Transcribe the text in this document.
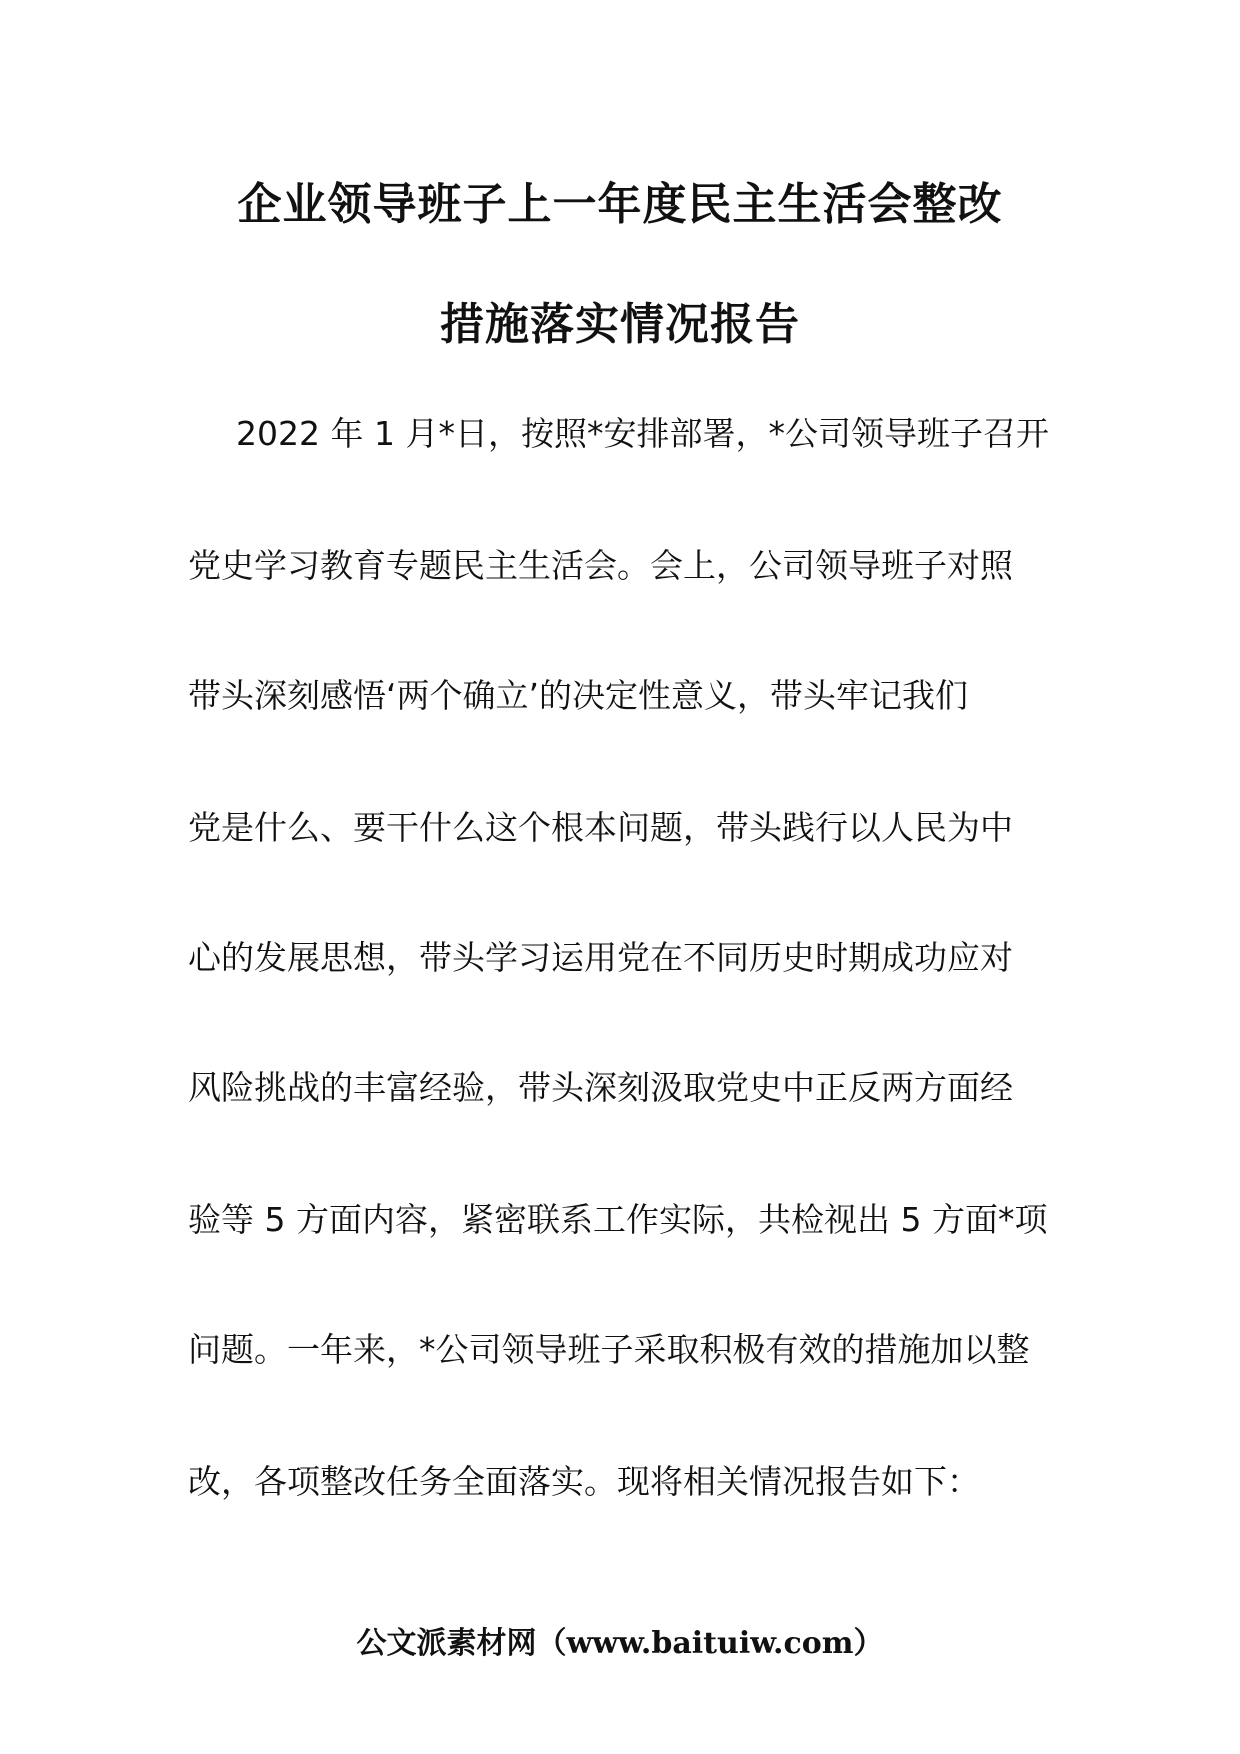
企业领导班子上一年度民主生活会整改
措施落实情况报告
2022 年 1 月*日，按照*安排部署，*公司领导班子召开
党史学习教育专题民主生活会。会上，公司领导班子对照
带头深刻感悟‘两个确立’的决定性意义，带头牢记我们
党是什么、要干什么这个根本问题，带头践行以人民为中
心的发展思想，带头学习运用党在不同历史时期成功应对
风险挑战的丰富经验，带头深刻汲取党史中正反两方面经
验等 5 方面内容，紧密联系工作实际，共检视出 5 方面*项
问题。一年来，*公司领导班子采取积极有效的措施加以整
改，各项整改任务全面落实。现将相关情况报告如下：
公文派素材网（www.baituiw.com）
